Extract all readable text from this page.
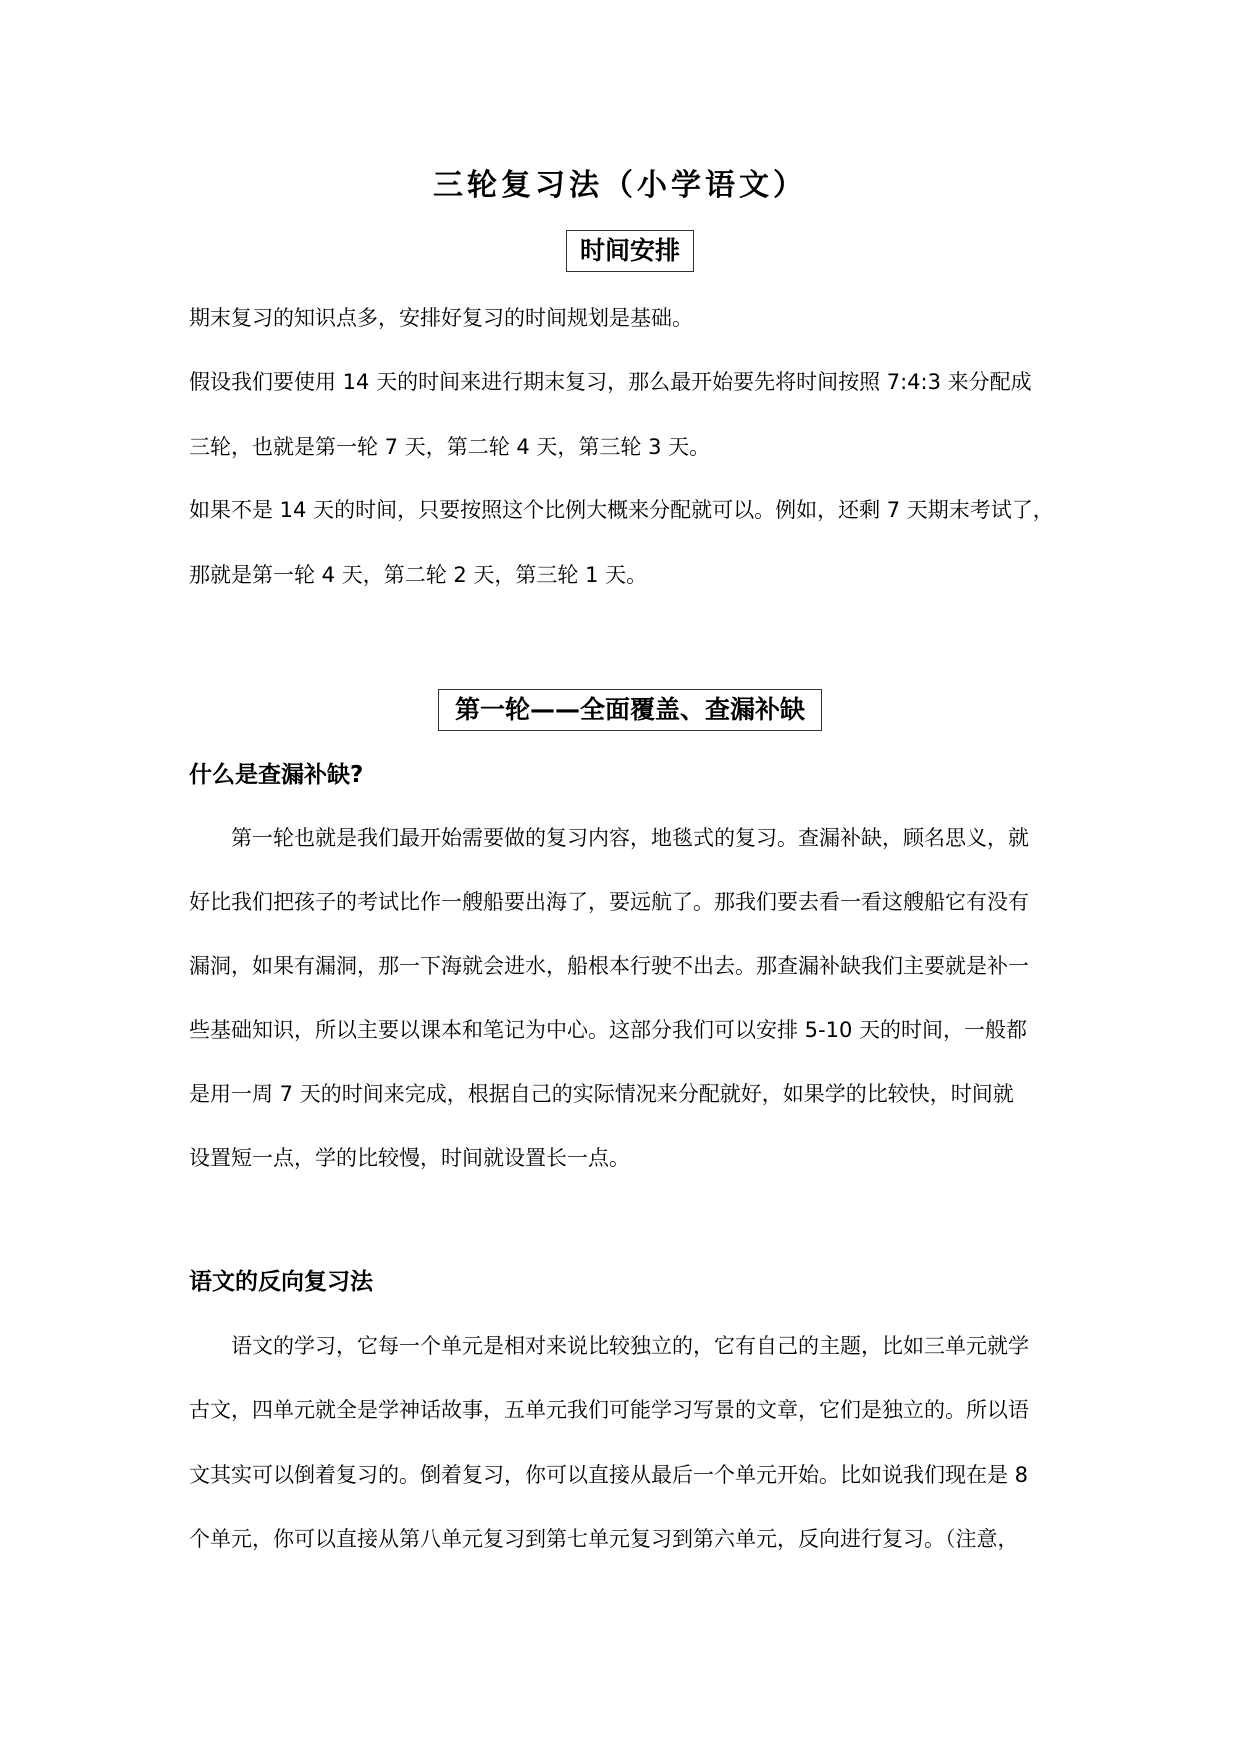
三轮复习法（小学语文）
时间安排
期末复习的知识点多，安排好复习的时间规划是基础。
假设我们要使用 14 天的时间来进行期末复习，那么最开始要先将时间按照 7:4:3 来分配成
三轮，也就是第一轮 7 天，第二轮 4 天，第三轮 3 天。
如果不是 14 天的时间，只要按照这个比例大概来分配就可以。例如，还剩 7 天期末考试了，
那就是第一轮 4 天，第二轮 2 天，第三轮 1 天。
第一轮——全面覆盖、查漏补缺
什么是查漏补缺?
　　第一轮也就是我们最开始需要做的复习内容，地毯式的复习。查漏补缺，顾名思义，就
好比我们把孩子的考试比作一艘船要出海了，要远航了。那我们要去看一看这艘船它有没有
漏洞，如果有漏洞，那一下海就会进水，船根本行驶不出去。那查漏补缺我们主要就是补一
些基础知识，所以主要以课本和笔记为中心。这部分我们可以安排 5-10 天的时间，一般都
是用一周 7 天的时间来完成，根据自己的实际情况来分配就好，如果学的比较快，时间就
设置短一点，学的比较慢，时间就设置长一点。
语文的反向复习法
　　语文的学习，它每一个单元是相对来说比较独立的，它有自己的主题，比如三单元就学
古文，四单元就全是学神话故事，五单元我们可能学习写景的文章，它们是独立的。所以语
文其实可以倒着复习的。倒着复习，你可以直接从最后一个单元开始。比如说我们现在是 8
个单元，你可以直接从第八单元复习到第七单元复习到第六单元，反向进行复习。（注意，
